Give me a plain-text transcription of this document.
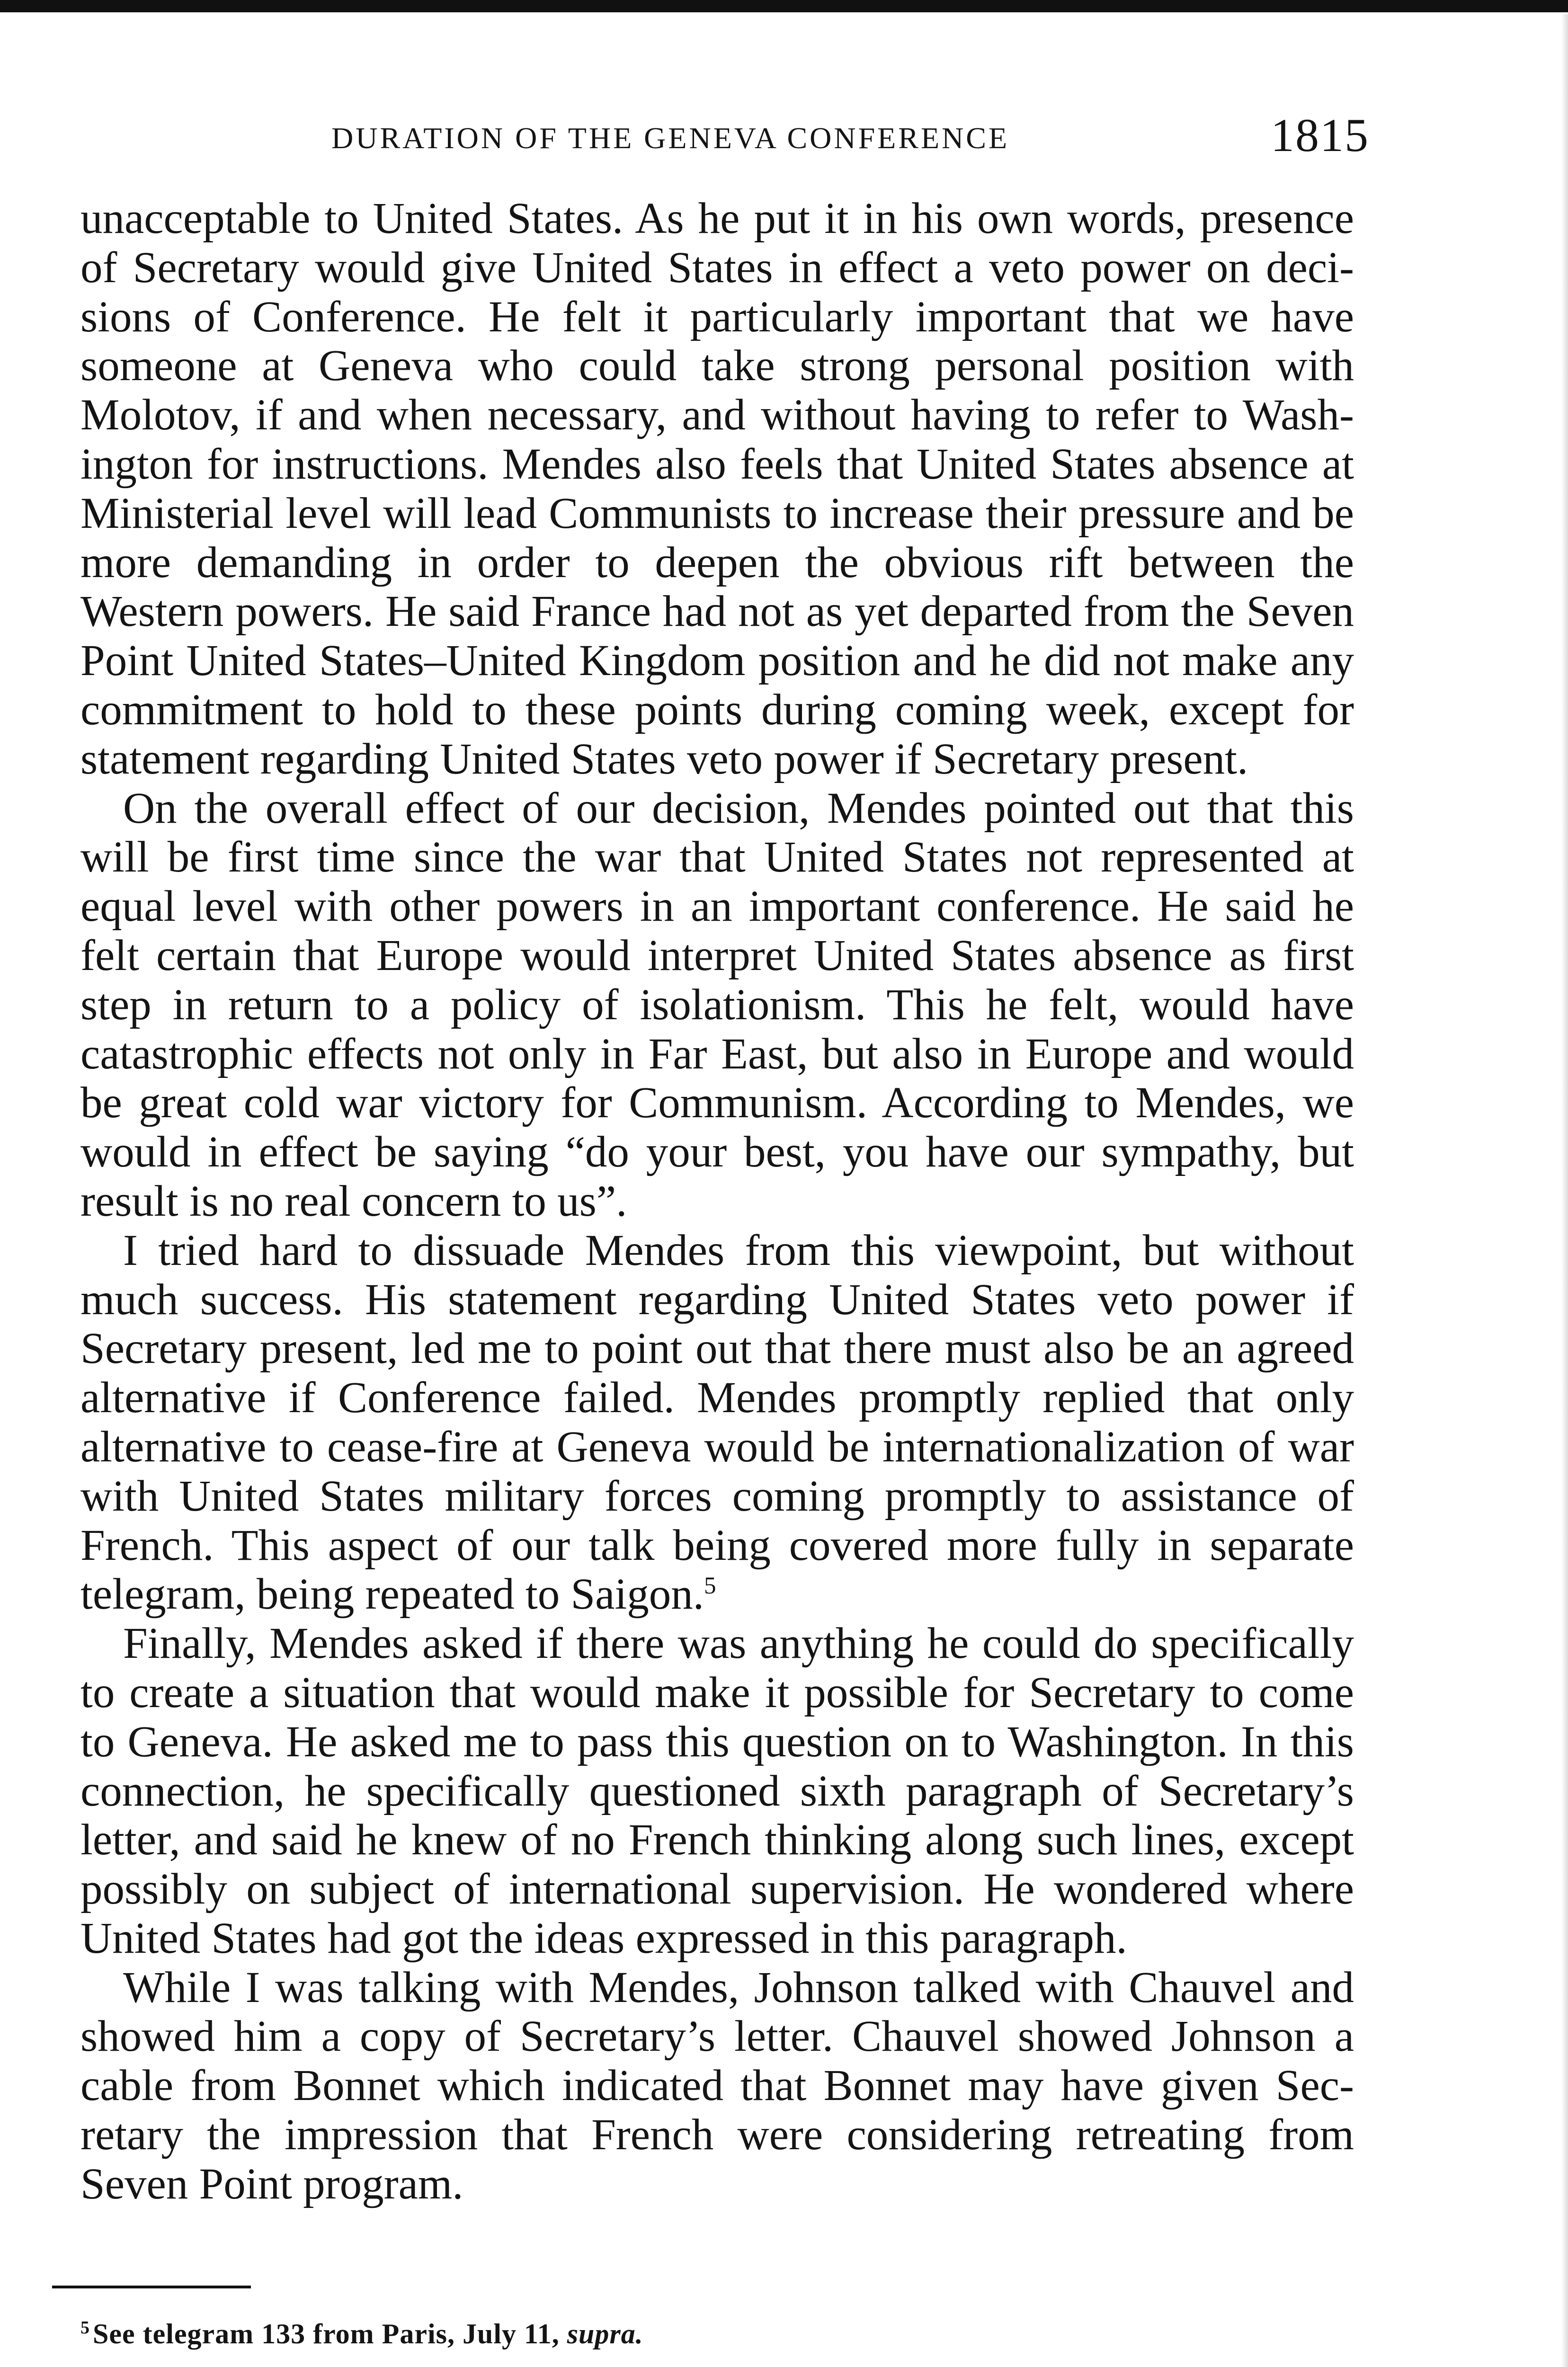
DURATION OF THE GENEVA CONFERENCE	1815

unacceptable to United States. As he put it in his own words, presence of Secretary would give United States in effect a veto power on decisions of Conference. He felt it particularly important that we have someone at Geneva who could take strong personal position with Molotov, if and when necessary, and without having to refer to Washington for instructions. Mendes also feels that United States absence at Ministerial level will lead Communists to increase their pressure and be more demanding in order to deepen the obvious rift between the Western powers. He said France had not as yet departed from the Seven Point United States–United Kingdom position and he did not make any commitment to hold to these points during coming week, except for statement regarding United States veto power if Secretary present.

On the overall effect of our decision, Mendes pointed out that this will be first time since the war that United States not represented at equal level with other powers in an important conference. He said he felt certain that Europe would interpret United States absence as first step in return to a policy of isolationism. This he felt, would have catastrophic effects not only in Far East, but also in Europe and would be great cold war victory for Communism. According to Mendes, we would in effect be saying “do your best, you have our sympathy, but result is no real concern to us”.

I tried hard to dissuade Mendes from this viewpoint, but without much success. His statement regarding United States veto power if Secretary present, led me to point out that there must also be an agreed alternative if Conference failed. Mendes promptly replied that only alternative to cease-fire at Geneva would be internationalization of war with United States military forces coming promptly to assistance of French. This aspect of our talk being covered more fully in separate telegram, being repeated to Saigon.$^5$

Finally, Mendes asked if there was anything he could do specifically to create a situation that would make it possible for Secretary to come to Geneva. He asked me to pass this question on to Washington. In this connection, he specifically questioned sixth paragraph of Secretary’s letter, and said he knew of no French thinking along such lines, except possibly on subject of international supervision. He wondered where United States had got the ideas expressed in this paragraph.

While I was talking with Mendes, Johnson talked with Chauvel and showed him a copy of Secretary’s letter. Chauvel showed Johnson a cable from Bonnet which indicated that Bonnet may have given Secretary the impression that French were considering retreating from Seven Point program.

$^5$ See telegram 133 from Paris, July 11, supra.
